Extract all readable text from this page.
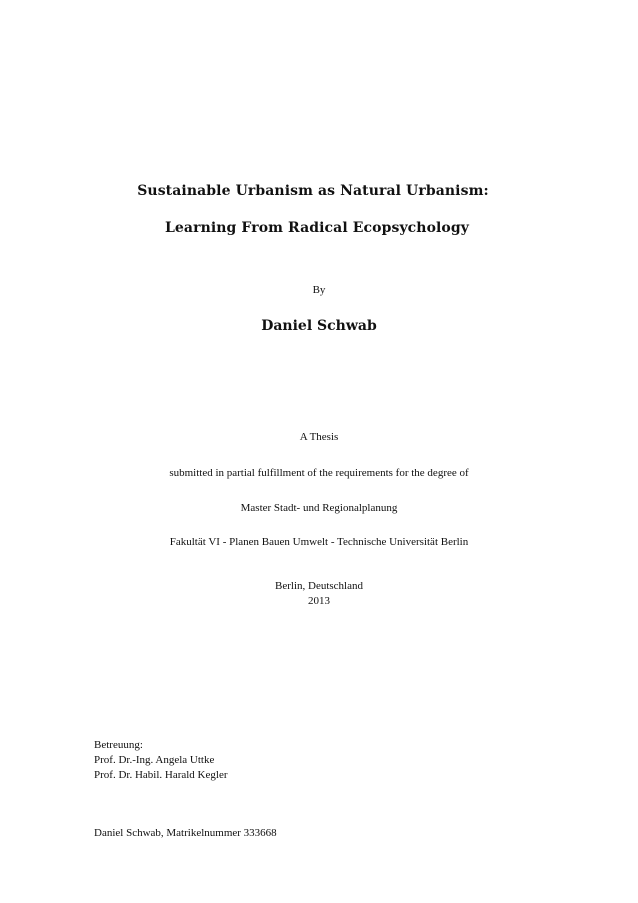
Sustainable Urbanism as Natural Urbanism:
Learning From Radical Ecopsychology
By
Daniel Schwab
A Thesis
submitted in partial fulfillment of the requirements for the degree of
Master Stadt- und Regionalplanung
Fakultät VI - Planen Bauen Umwelt - Technische Universität Berlin
Berlin, Deutschland
2013
Betreuung:
Prof. Dr.-Ing. Angela Uttke
Prof. Dr. Habil. Harald Kegler
Daniel Schwab, Matrikelnummer 333668
